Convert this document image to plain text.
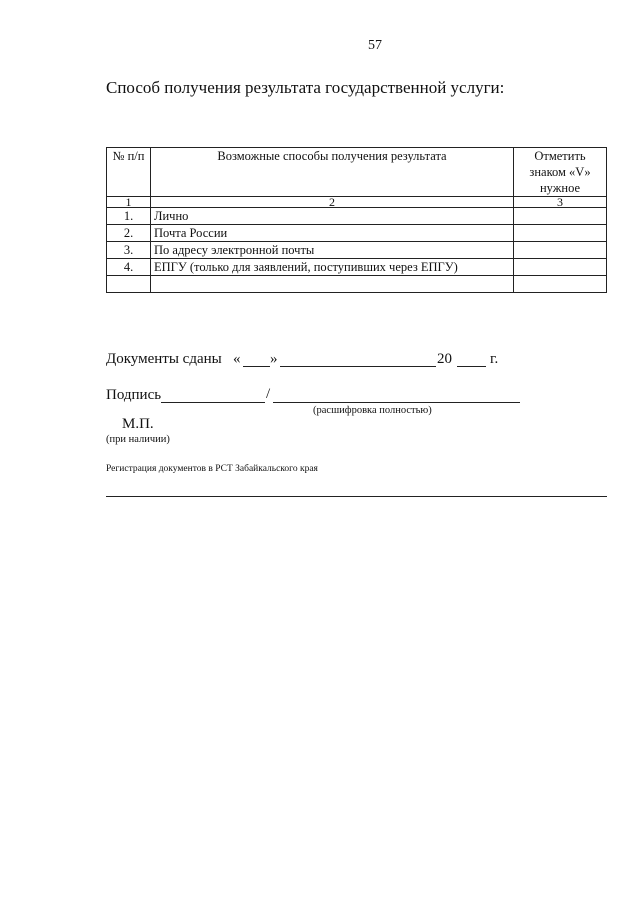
57
Способ получения результата государственной услуги:
№ п/п	Возможные способы получения результата	Отметить знаком «V» нужное
1	2	3
1.	Лично	
2.	Почта России	
3.	По адресу электронной почты	
4.	ЕПГУ (только для заявлений, поступивших через ЕПГУ)	

Документы сданы « »	20	г.
Подпись	/
(расшифровка полностью)
М.П.
(при наличии)
Регистрация документов в РСТ Забайкальского края
